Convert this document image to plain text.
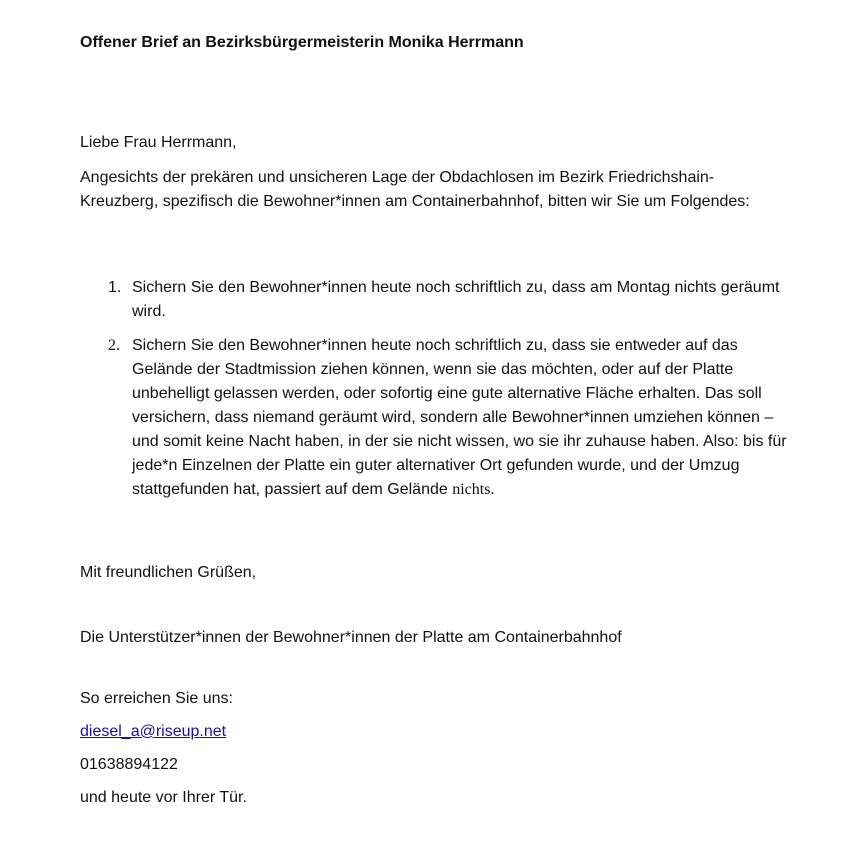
Offener Brief an Bezirksbürgermeisterin Monika Herrmann
Liebe Frau Herrmann,
Angesichts der prekären und unsicheren Lage der Obdachlosen im Bezirk Friedrichshain-Kreuzberg, spezifisch die Bewohner*innen am Containerbahnhof, bitten wir Sie um Folgendes:
1. Sichern Sie den Bewohner*innen heute noch schriftlich zu, dass am Montag nichts geräumt wird.
2. Sichern Sie den Bewohner*innen heute noch schriftlich zu, dass sie entweder auf das Gelände der Stadtmission ziehen können, wenn sie das möchten, oder auf der Platte unbehelligt gelassen werden, oder sofortig eine gute alternative Fläche erhalten. Das soll versichern, dass niemand geräumt wird, sondern alle Bewohner*innen umziehen können – und somit keine Nacht haben, in der sie nicht wissen, wo sie ihr zuhause haben. Also: bis für jede*n Einzelnen der Platte ein guter alternativer Ort gefunden wurde, und der Umzug stattgefunden hat, passiert auf dem Gelände nichts.
Mit freundlichen Grüßen,
Die Unterstützer*innen der Bewohner*innen der Platte am Containerbahnhof
So erreichen Sie uns:
diesel_a@riseup.net
01638894122
und heute vor Ihrer Tür.
